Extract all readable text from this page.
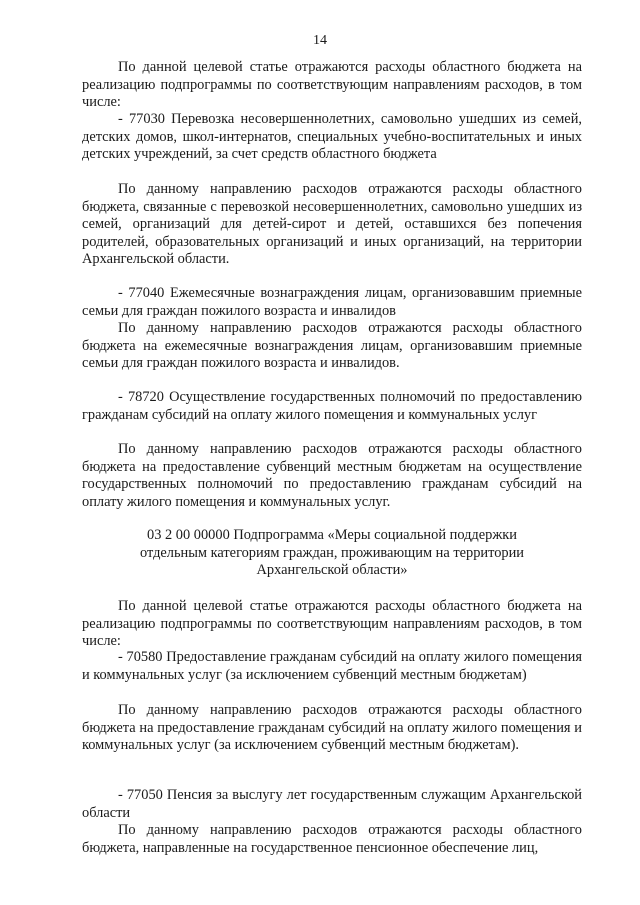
14

По данной целевой статье отражаются расходы областного бюджета на реализацию подпрограммы по соответствующим направлениям расходов, в том числе:

- 77030 Перевозка несовершеннолетних, самовольно ушедших из семей, детских домов, школ-интернатов, специальных учебно-воспитательных и иных детских учреждений, за счет средств областного бюджета

По данному направлению расходов отражаются расходы областного бюджета, связанные с перевозкой несовершеннолетних, самовольно ушедших из семей, организаций для детей-сирот и детей, оставшихся без попечения родителей, образовательных организаций и иных организаций, на территории Архангельской области.

- 77040 Ежемесячные вознаграждения лицам, организовавшим приемные семьи для граждан пожилого возраста и инвалидов

По данному направлению расходов отражаются расходы областного бюджета на ежемесячные вознаграждения лицам, организовавшим приемные семьи для граждан пожилого возраста и инвалидов.

- 78720 Осуществление государственных полномочий по предоставлению гражданам субсидий на оплату жилого помещения и коммунальных услуг

По данному направлению расходов отражаются расходы областного бюджета на предоставление субвенций местным бюджетам на осуществление государственных полномочий по предоставлению гражданам субсидий на оплату жилого помещения и коммунальных услуг.

03 2 00 00000 Подпрограмма «Меры социальной поддержки

отдельным категориям граждан, проживающим на территории

Архангельской области»

По данной целевой статье отражаются расходы областного бюджета на реализацию подпрограммы по соответствующим направлениям расходов, в том числе:

- 70580 Предоставление гражданам субсидий на оплату жилого помещения и коммунальных услуг (за исключением субвенций местным бюджетам)

По данному направлению расходов отражаются расходы областного бюджета на предоставление гражданам субсидий на оплату жилого помещения и коммунальных услуг (за исключением субвенций местным бюджетам).

- 77050 Пенсия за выслугу лет государственным служащим Архангельской области

По данному направлению расходов отражаются расходы областного бюджета, направленные на государственное пенсионное обеспечение лиц,
